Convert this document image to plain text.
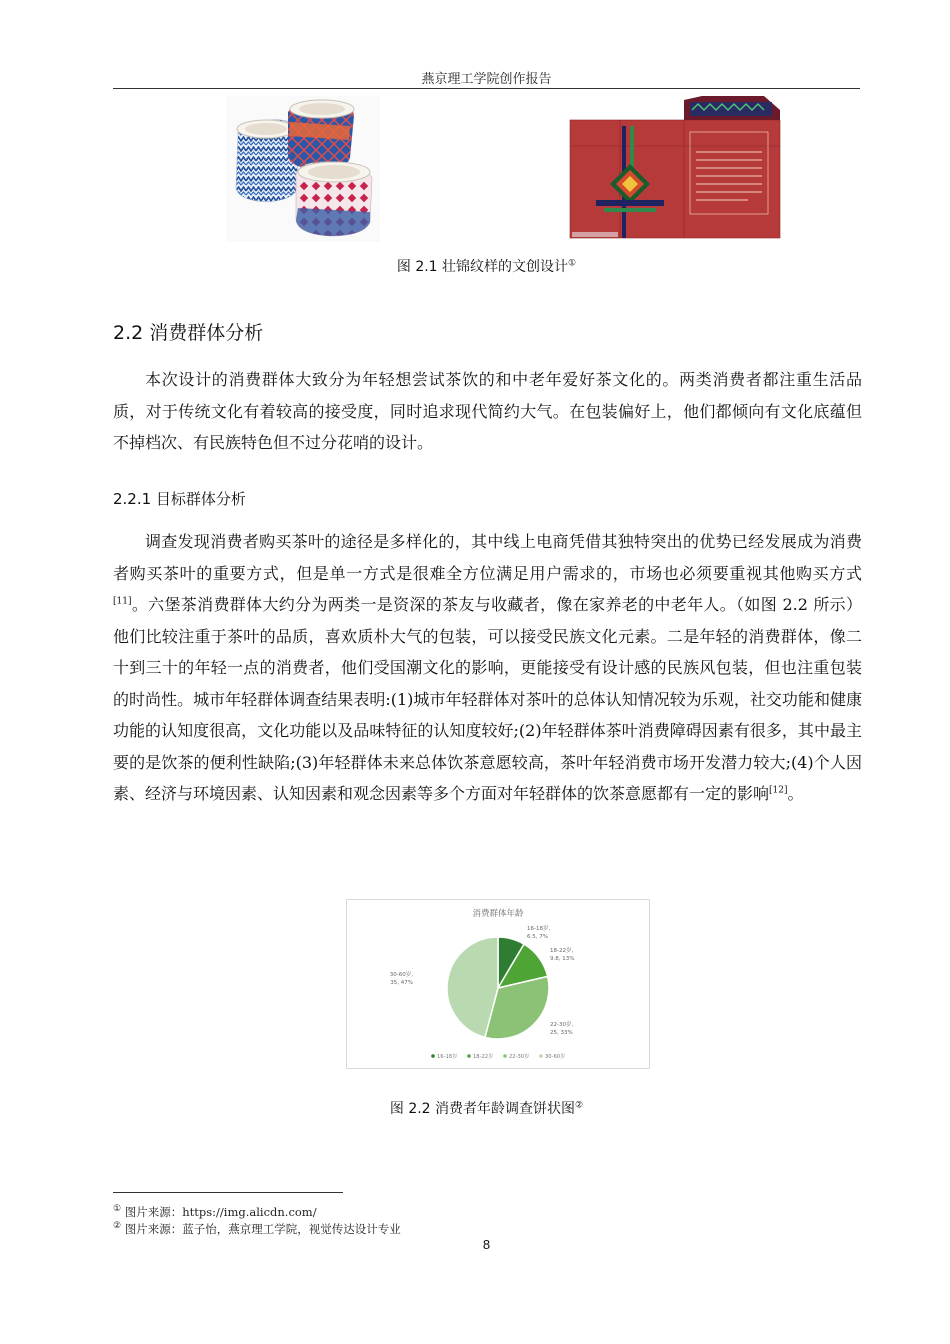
燕京理工学院创作报告
图 2.1 壮锦纹样的文创设计①
2.2 消费群体分析
本次设计的消费群体大致分为年轻想尝试茶饮的和中老年爱好茶文化的。两类消费者都注重生活品质，对于传统文化有着较高的接受度，同时追求现代简约大气。在包装偏好上，他们都倾向有文化底蕴但不掉档次、有民族特色但不过分花哨的设计。
2.2.1 目标群体分析
调查发现消费者购买茶叶的途径是多样化的，其中线上电商凭借其独特突出的优势已经发展成为消费者购买茶叶的重要方式，但是单一方式是很难全方位满足用户需求的，市场也必须要重视其他购买方式[11]。六堡茶消费群体大约分为两类一是资深的茶友与收藏者，像在家养老的中老年人。（如图 2.2 所示）他们比较注重于茶叶的品质，喜欢质朴大气的包装，可以接受民族文化元素。二是年轻的消费群体，像二十到三十的年轻一点的消费者，他们受国潮文化的影响，更能接受有设计感的民族风包装，但也注重包装的时尚性。城市年轻群体调查结果表明:(1)城市年轻群体对茶叶的总体认知情况较为乐观，社交功能和健康功能的认知度很高，文化功能以及品味特征的认知度较好;(2)年轻群体茶叶消费障碍因素有很多，其中最主要的是饮茶的便利性缺陷;(3)年轻群体未来总体饮茶意愿较高，茶叶年轻消费市场开发潜力较大;(4)个人因素、经济与环境因素、认知因素和观念因素等多个方面对年轻群体的饮茶意愿都有一定的影响[12]。
消费群体年龄
16-18岁, 6.5, 7%
18-22岁, 9.8, 13%
22-30岁, 25, 33%
30-60岁, 35, 47%
16-18岁	18-22岁	22-30岁	30-60岁
图 2.2 消费者年龄调查饼状图②
① 图片来源：https://img.alicdn.com/
② 图片来源：蓝子怡，燕京理工学院，视觉传达设计专业
8
